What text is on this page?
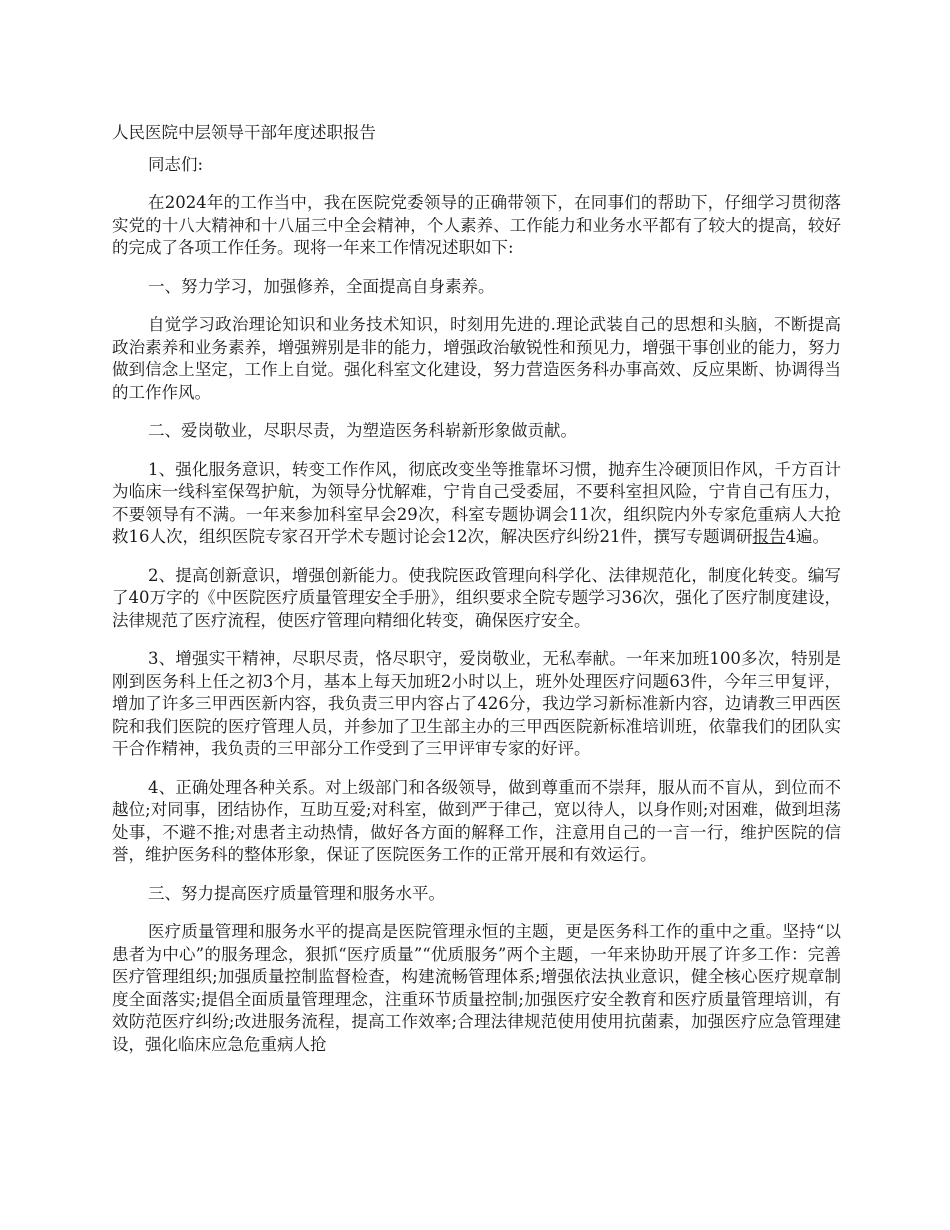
人民医院中层领导干部年度述职报告

同志们:

在2024年的工作当中，我在医院党委领导的正确带领下，在同事们的帮助下，仔细学习贯彻落实党的十八大精神和十八届三中全会精神，个人素养、工作能力和业务水平都有了较大的提高，较好的完成了各项工作任务。现将一年来工作情况述职如下:

一、努力学习，加强修养，全面提高自身素养。

自觉学习政治理论知识和业务技术知识，时刻用先进的.理论武装自己的思想和头脑，不断提高政治素养和业务素养，增强辨别是非的能力，增强政治敏锐性和预见力，增强干事创业的能力，努力做到信念上坚定，工作上自觉。强化科室文化建设，努力营造医务科办事高效、反应果断、协调得当的工作作风。

二、爱岗敬业，尽职尽责，为塑造医务科崭新形象做贡献。

1、强化服务意识，转变工作作风，彻底改变坐等推靠坏习惯，抛弃生冷硬顶旧作风，千方百计为临床一线科室保驾护航，为领导分忧解难，宁肯自己受委屈，不要科室担风险，宁肯自己有压力，不要领导有不满。一年来参加科室早会29次，科室专题协调会11次，组织院内外专家危重病人大抢救16人次，组织医院专家召开学术专题讨论会12次，解决医疗纠纷21件，撰写专题调研报告4遍。

2、提高创新意识，增强创新能力。使我院医政管理向科学化、法律规范化，制度化转变。编写了40万字的《中医院医疗质量管理安全手册》，组织要求全院专题学习36次，强化了医疗制度建设，法律规范了医疗流程，使医疗管理向精细化转变，确保医疗安全。

3、增强实干精神，尽职尽责，恪尽职守，爱岗敬业，无私奉献。一年来加班100多次，特别是刚到医务科上任之初3个月，基本上每天加班2小时以上，班外处理医疗问题63件，今年三甲复评，增加了许多三甲西医新内容，我负责三甲内容占了426分，我边学习新标准新内容，边请教三甲西医院和我们医院的医疗管理人员，并参加了卫生部主办的三甲西医院新标准培训班，依靠我们的团队实干合作精神，我负责的三甲部分工作受到了三甲评审专家的好评。

4、正确处理各种关系。对上级部门和各级领导，做到尊重而不崇拜，服从而不盲从，到位而不越位;对同事，团结协作，互助互爱;对科室，做到严于律己，宽以待人，以身作则;对困难，做到坦荡处事，不避不推;对患者主动热情，做好各方面的解释工作，注意用自己的一言一行，维护医院的信誉，维护医务科的整体形象，保证了医院医务工作的正常开展和有效运行。

三、努力提高医疗质量管理和服务水平。

医疗质量管理和服务水平的提高是医院管理永恒的主题，更是医务科工作的重中之重。坚持“以患者为中心”的服务理念，狠抓“医疗质量”“优质服务”两个主题，一年来协助开展了许多工作：完善医疗管理组织;加强质量控制监督检查，构建流畅管理体系;增强依法执业意识，健全核心医疗规章制度全面落实;提倡全面质量管理理念，注重环节质量控制;加强医疗安全教育和医疗质量管理培训，有效防范医疗纠纷;改进服务流程，提高工作效率;合理法律规范使用使用抗菌素，加强医疗应急管理建设，强化临床应急危重病人抢
